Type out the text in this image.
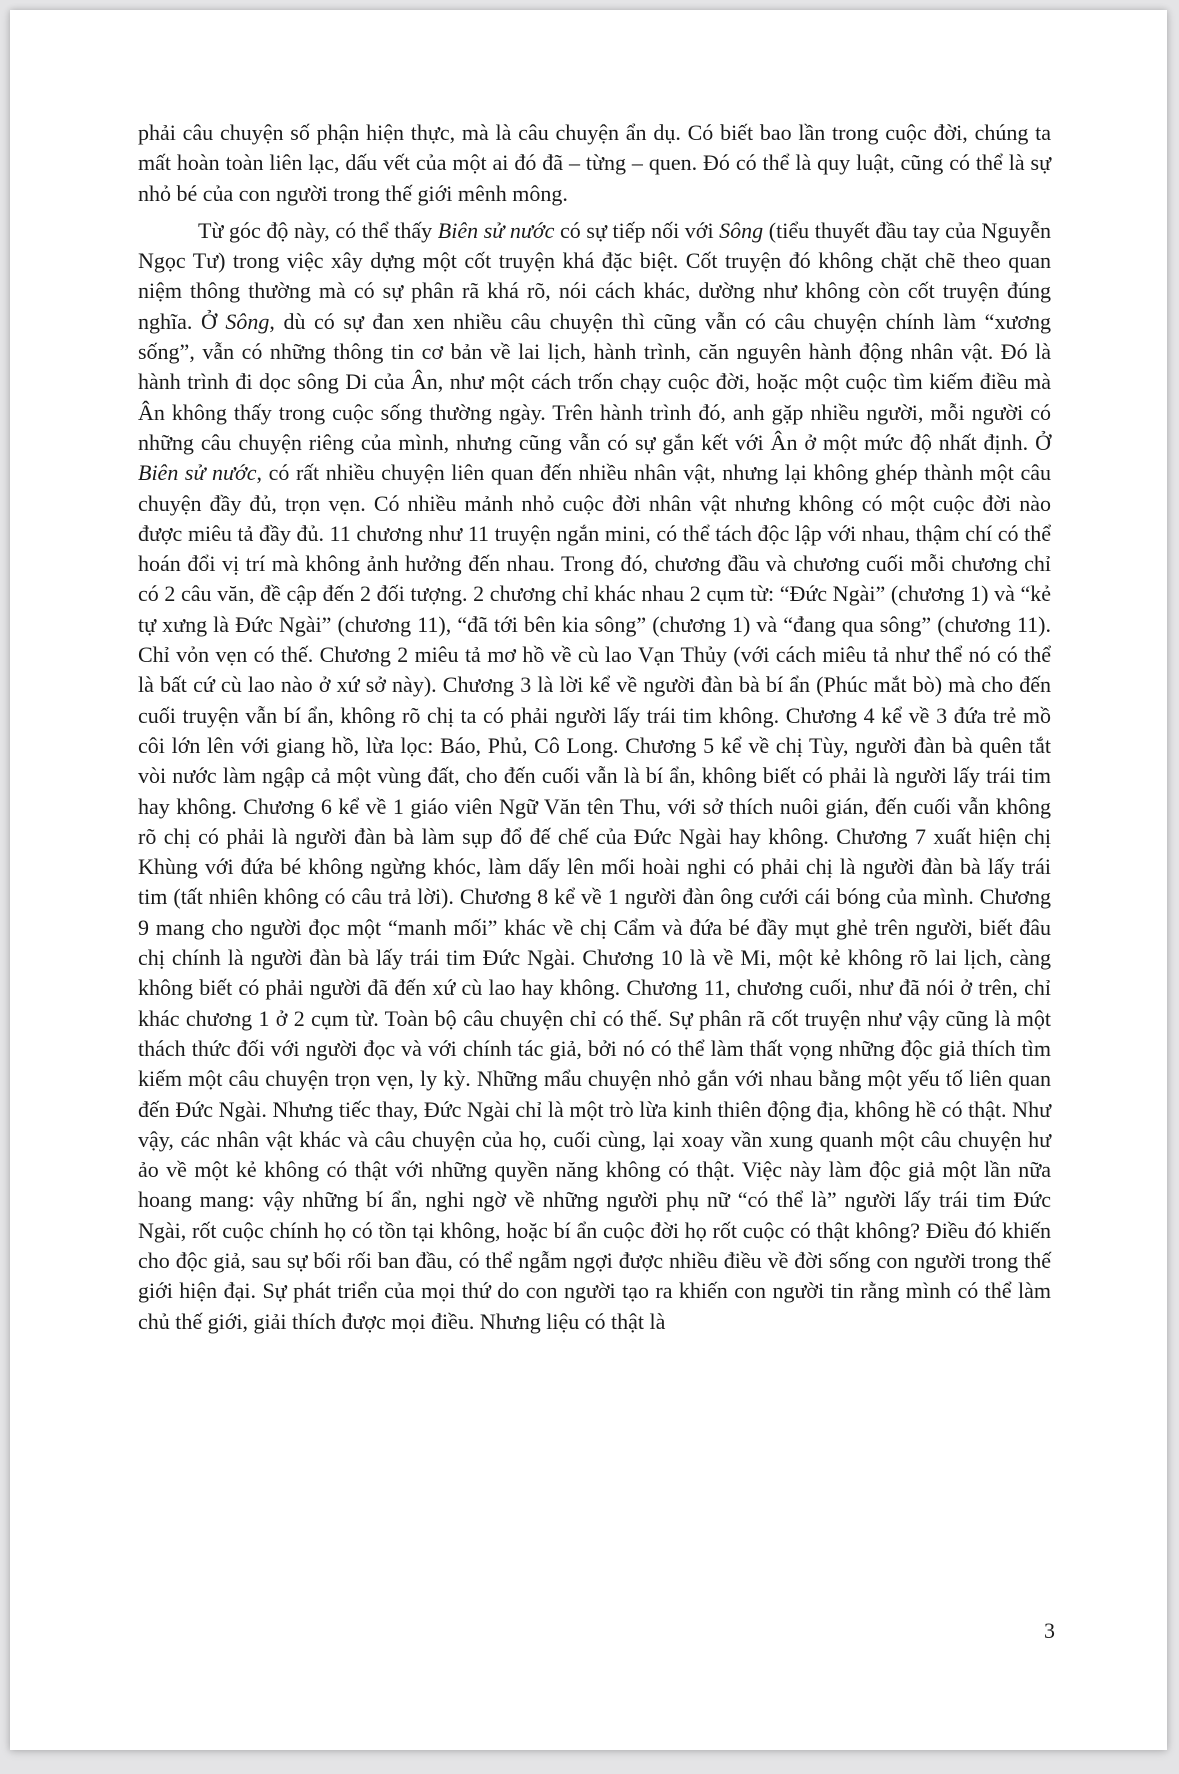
phải câu chuyện số phận hiện thực, mà là câu chuyện ẩn dụ. Có biết bao lần trong cuộc đời, chúng ta mất hoàn toàn liên lạc, dấu vết của một ai đó đã – từng – quen. Đó có thể là quy luật, cũng có thể là sự nhỏ bé của con người trong thế giới mênh mông.

Từ góc độ này, có thể thấy Biên sử nước có sự tiếp nối với Sông (tiểu thuyết đầu tay của Nguyễn Ngọc Tư) trong việc xây dựng một cốt truyện khá đặc biệt. Cốt truyện đó không chặt chẽ theo quan niệm thông thường mà có sự phân rã khá rõ, nói cách khác, dường như không còn cốt truyện đúng nghĩa. Ở Sông, dù có sự đan xen nhiều câu chuyện thì cũng vẫn có câu chuyện chính làm “xương sống”, vẫn có những thông tin cơ bản về lai lịch, hành trình, căn nguyên hành động nhân vật. Đó là hành trình đi dọc sông Di của Ân, như một cách trốn chạy cuộc đời, hoặc một cuộc tìm kiếm điều mà Ân không thấy trong cuộc sống thường ngày. Trên hành trình đó, anh gặp nhiều người, mỗi người có những câu chuyện riêng của mình, nhưng cũng vẫn có sự gắn kết với Ân ở một mức độ nhất định. Ở Biên sử nước, có rất nhiều chuyện liên quan đến nhiều nhân vật, nhưng lại không ghép thành một câu chuyện đầy đủ, trọn vẹn. Có nhiều mảnh nhỏ cuộc đời nhân vật nhưng không có một cuộc đời nào được miêu tả đầy đủ. 11 chương như 11 truyện ngắn mini, có thể tách độc lập với nhau, thậm chí có thể hoán đổi vị trí mà không ảnh hưởng đến nhau. Trong đó, chương đầu và chương cuối mỗi chương chỉ có 2 câu văn, đề cập đến 2 đối tượng. 2 chương chỉ khác nhau 2 cụm từ: “Đức Ngài” (chương 1) và “kẻ tự xưng là Đức Ngài” (chương 11), “đã tới bên kia sông” (chương 1) và “đang qua sông” (chương 11). Chỉ vỏn vẹn có thế. Chương 2 miêu tả mơ hồ về cù lao Vạn Thủy (với cách miêu tả như thể nó có thể là bất cứ cù lao nào ở xứ sở này). Chương 3 là lời kể về người đàn bà bí ẩn (Phúc mắt bò) mà cho đến cuối truyện vẫn bí ẩn, không rõ chị ta có phải người lấy trái tim không. Chương 4 kể về 3 đứa trẻ mồ côi lớn lên với giang hồ, lừa lọc: Báo, Phủ, Cô Long. Chương 5 kể về chị Tùy, người đàn bà quên tắt vòi nước làm ngập cả một vùng đất, cho đến cuối vẫn là bí ẩn, không biết có phải là người lấy trái tim hay không. Chương 6 kể về 1 giáo viên Ngữ Văn tên Thu, với sở thích nuôi gián, đến cuối vẫn không rõ chị có phải là người đàn bà làm sụp đổ đế chế của Đức Ngài hay không. Chương 7 xuất hiện chị Khùng với đứa bé không ngừng khóc, làm dấy lên mối hoài nghi có phải chị là người đàn bà lấy trái tim (tất nhiên không có câu trả lời). Chương 8 kể về 1 người đàn ông cưới cái bóng của mình. Chương 9 mang cho người đọc một “manh mối” khác về chị Cẩm và đứa bé đầy mụt ghẻ trên người, biết đâu chị chính là người đàn bà lấy trái tim Đức Ngài. Chương 10 là về Mi, một kẻ không rõ lai lịch, càng không biết có phải người đã đến xứ cù lao hay không. Chương 11, chương cuối, như đã nói ở trên, chỉ khác chương 1 ở 2 cụm từ. Toàn bộ câu chuyện chỉ có thế. Sự phân rã cốt truyện như vậy cũng là một thách thức đối với người đọc và với chính tác giả, bởi nó có thể làm thất vọng những độc giả thích tìm kiếm một câu chuyện trọn vẹn, ly kỳ. Những mẩu chuyện nhỏ gắn với nhau bằng một yếu tố liên quan đến Đức Ngài. Nhưng tiếc thay, Đức Ngài chỉ là một trò lừa kinh thiên động địa, không hề có thật. Như vậy, các nhân vật khác và câu chuyện của họ, cuối cùng, lại xoay vần xung quanh một câu chuyện hư ảo về một kẻ không có thật với những quyền năng không có thật. Việc này làm độc giả một lần nữa hoang mang: vậy những bí ẩn, nghi ngờ về những người phụ nữ “có thể là” người lấy trái tim Đức Ngài, rốt cuộc chính họ có tồn tại không, hoặc bí ẩn cuộc đời họ rốt cuộc có thật không? Điều đó khiến cho độc giả, sau sự bối rối ban đầu, có thể ngẫm ngợi được nhiều điều về đời sống con người trong thế giới hiện đại. Sự phát triển của mọi thứ do con người tạo ra khiến con người tin rằng mình có thể làm chủ thế giới, giải thích được mọi điều. Nhưng liệu có thật là

3
